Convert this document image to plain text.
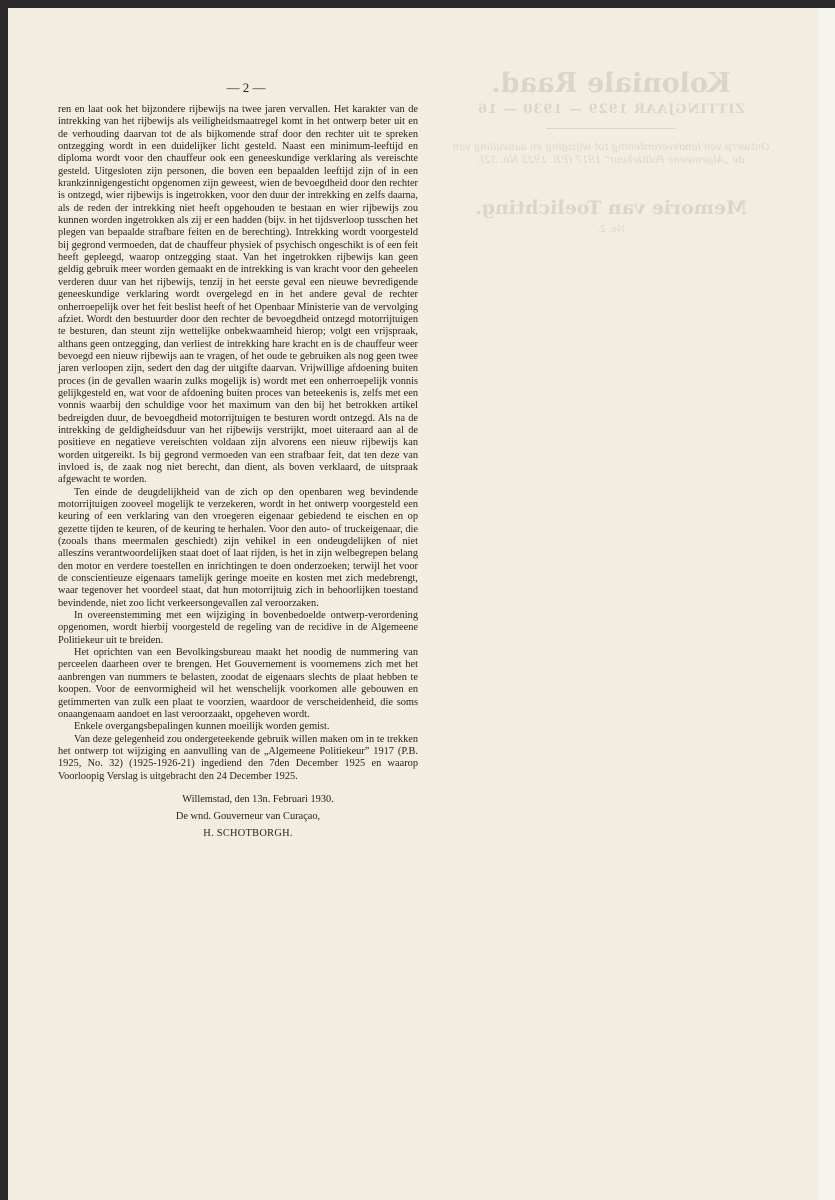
Koloniale Raad.
ZITTINGJAAR 1929 — 1930 — 16
Ontwerp van landsverordening tot wijziging en aanvulling van de „Algemeene Politiekeur” 1917 (P.B. 1925 No. 32).
Memorie van Toelichting.
No. 2.
— 2 —

ren en laat ook het bijzondere rijbewijs na twee jaren vervallen. Het karakter van de intrekking van het rijbewijs als veiligheidsmaatregel komt in het ontwerp beter uit en de verhouding daarvan tot de als bijkomende straf door den rechter uit te spreken ontzegging wordt in een duidelijker licht gesteld. Naast een minimum-leeftijd en diploma wordt voor den chauffeur ook een geneeskundige verklaring als vereischte gesteld. Uitgesloten zijn personen, die boven een bepaalden leeftijd zijn of in een krankzinnigengesticht opgenomen zijn geweest, wien de bevoegdheid door den rechter is ontzegd, wier rijbewijs is ingetrokken, voor den duur der intrekking en zelfs daarna, als de reden der intrekking niet heeft opgehouden te bestaan en wier rijbewijs zou kunnen worden ingetrokken als zij er een hadden (bijv. in het tijdsverloop tusschen het plegen van bepaalde strafbare feiten en de berechting). Intrekking wordt voorgesteld bij gegrond vermoeden, dat de chauffeur physiek of psychisch ongeschikt is of een feit heeft gepleegd, waarop ontzegging staat. Van het ingetrokken rijbewijs kan geen geldig gebruik meer worden gemaakt en de intrekking is van kracht voor den geheelen verderen duur van het rijbewijs, tenzij in het eerste geval een nieuwe bevredigende geneeskundige verklaring wordt overgelegd en in het andere geval de rechter onherroepelijk over het feit beslist heeft of het Openbaar Ministerie van de vervolging afziet. Wordt den bestuurder door den rechter de bevoegdheid ontzegd motorrijtuigen te besturen, dan steunt zijn wettelijke onbekwaamheid hierop; volgt een vrijspraak, althans geen ontzegging, dan verliest de intrekking hare kracht en is de chauffeur weer bevoegd een nieuw rijbewijs aan te vragen, of het oude te gebruiken als nog geen twee jaren verloopen zijn, sedert den dag der uitgifte daarvan. Vrijwillige afdoening buiten proces (in de gevallen waarin zulks mogelijk is) wordt met een onherroepelijk vonnis gelijkgesteld en, wat voor de afdoening buiten proces van beteekenis is, zelfs met een vonnis waarbij den schuldige voor het maximum van den bij het betrokken artikel bedreigden duur, de bevoegdheid motorrijtuigen te besturen wordt ontzegd. Als na de intrekking de geldigheidsduur van het rijbewijs verstrijkt, moet uiteraard aan al de positieve en negatieve vereischten voldaan zijn alvorens een nieuw rijbewijs kan worden uitgereikt. Is bij gegrond vermoeden van een strafbaar feit, dat ten deze van invloed is, de zaak nog niet berecht, dan dient, als boven verklaard, de uitspraak afgewacht te worden.

Ten einde de deugdelijkheid van de zich op den openbaren weg bevindende motorrijtuigen zooveel mogelijk te verzekeren, wordt in het ontwerp voorgesteld een keuring of een verklaring van den vroegeren eigenaar gebiedend te eischen en op gezette tijden te keuren, of de keuring te herhalen. Voor den auto- of truckeigenaar, die (zooals thans meermalen geschiedt) zijn vehikel in een ondeugdelijken of niet alleszins verantwoordelijken staat doet of laat rijden, is het in zijn welbegrepen belang den motor en verdere toestellen en inrichtingen te doen onderzoeken; terwijl het voor de conscientieuze eigenaars tamelijk geringe moeite en kosten met zich medebrengt, waar tegenover het voordeel staat, dat hun motorrijtuig zich in behoorlijken toestand bevindende, niet zoo licht verkeersongevallen zal veroorzaken.

In overeenstemming met een wijziging in bovenbedoelde ontwerp-verordening opgenomen, wordt hierbij voorgesteld de regeling van de recidive in de Algemeene Politiekeur uit te breiden.

Het oprichten van een Bevolkingsbureau maakt het noodig de nummering van perceelen daarheen over te brengen. Het Gouvernement is voornemens zich met het aanbrengen van nummers te belasten, zoodat de eigenaars slechts de plaat hebben te koopen. Voor de eenvormigheid wil het wenschelijk voorkomen alle gebouwen en getimmerten van zulk een plaat te voorzien, waardoor de verscheidenheid, die soms onaangenaam aandoet en last veroorzaakt, opgeheven wordt.

Enkele overgangsbepalingen kunnen moeilijk worden gemist.

Van deze gelegenheid zou ondergeteekende gebruik willen maken om in te trekken het ontwerp tot wijziging en aanvulling van de „Algemeene Politiekeur” 1917 (P.B. 1925, No. 32) (1925-1926-21) ingediend den 7den December 1925 en waarop Voorloopig Verslag is uitgebracht den 24 December 1925.

Willemstad, den 13n. Februari 1930.
De wnd. Gouverneur van Curaçao,
H. SCHOTBORGH.
